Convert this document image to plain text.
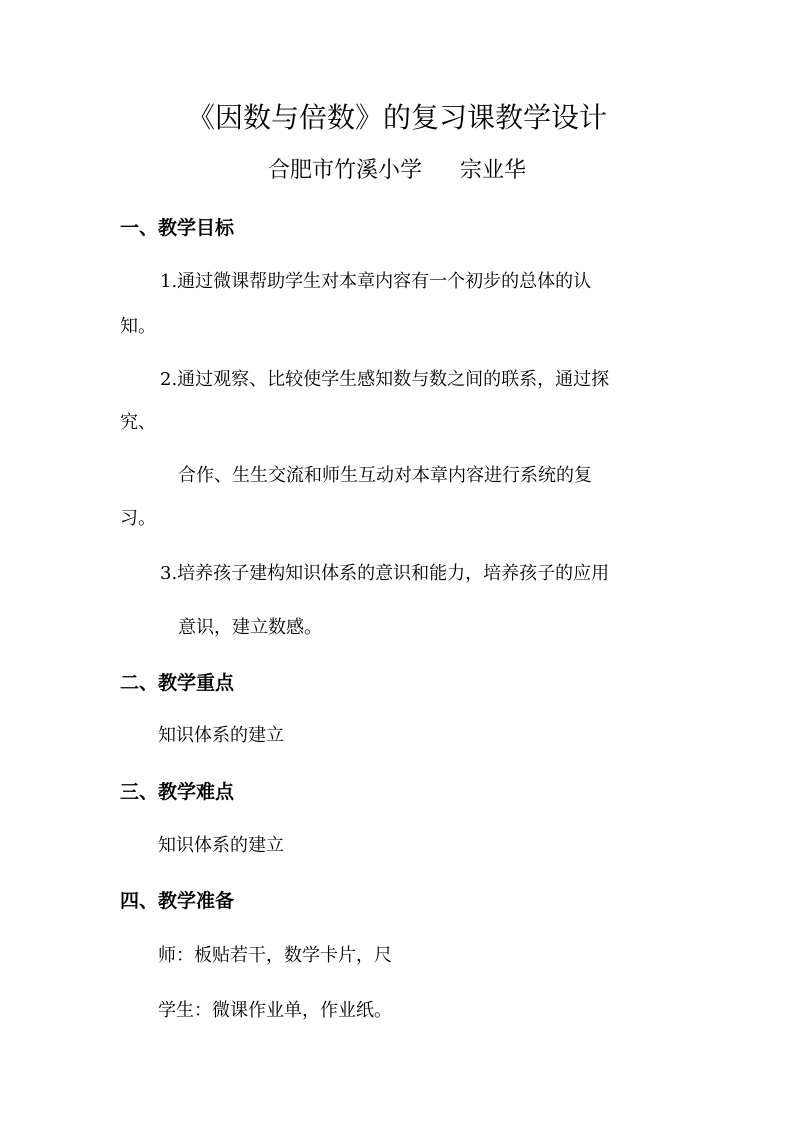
《因数与倍数》的复习课教学设计
合肥市竹溪小学 宗业华
一、教学目标
1.通过微课帮助学生对本章内容有一个初步的总体的认
知。
2.通过观察、比较使学生感知数与数之间的联系，通过探
究、
合作、生生交流和师生互动对本章内容进行系统的复
习。
3.培养孩子建构知识体系的意识和能力，培养孩子的应用
意识，建立数感。
二、教学重点
知识体系的建立
三、教学难点
知识体系的建立
四、教学准备
师：板贴若干，数学卡片，尺
学生：微课作业单，作业纸。
